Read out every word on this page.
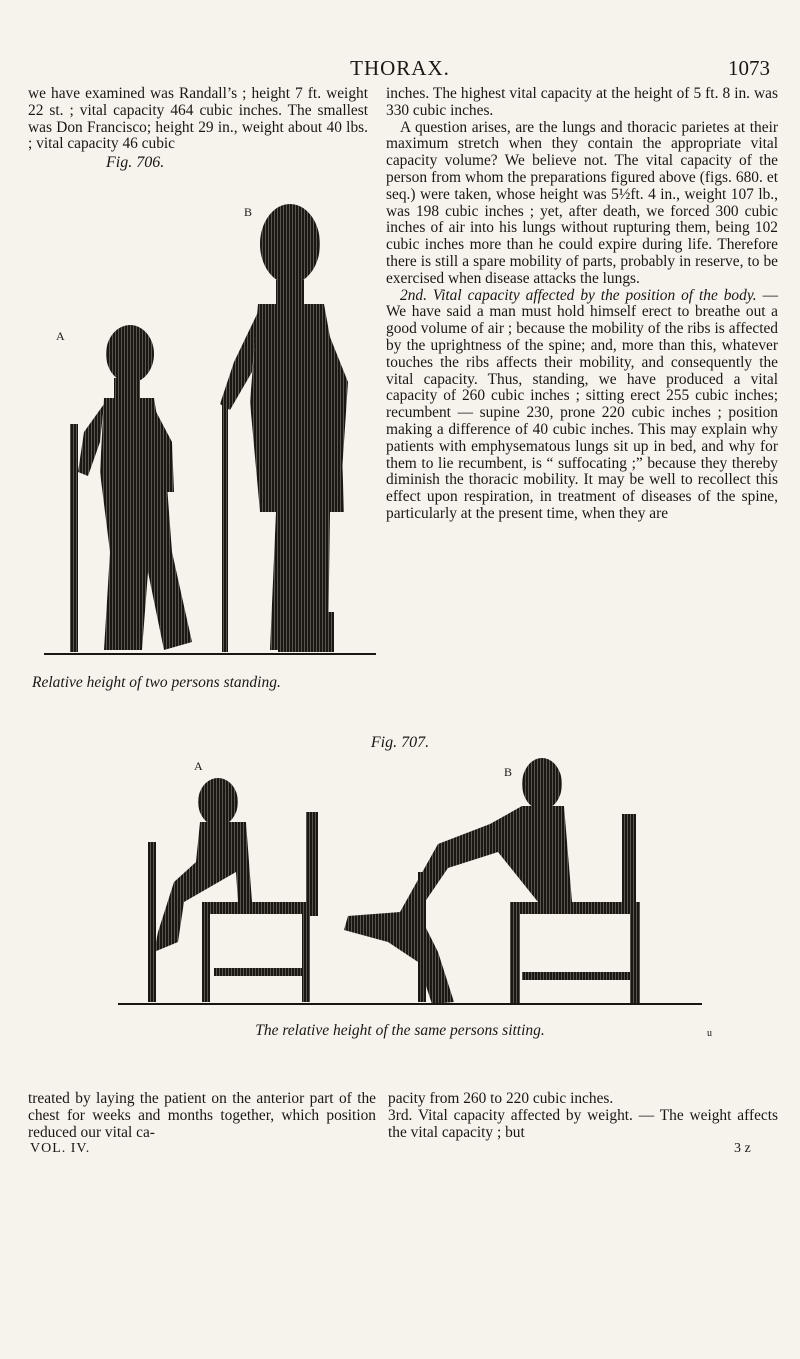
THORAX.	1073

we have examined was Randall’s ; height 7 ft. weight 22 st. ; vital capacity 464 cubic inches. The smallest was Don Francisco; height 29 in., weight about 40 lbs. ; vital capacity 46 cubic

Fig. 706.
A
B
Relative height of two persons standing.

inches. The highest vital capacity at the height of 5 ft. 8 in. was 330 cubic inches.

A question arises, are the lungs and thoracic parietes at their maximum stretch when they contain the appropriate vital capacity volume? We believe not. The vital capacity of the person from whom the preparations figured above (figs. 680. et seq.) were taken, whose height was 5½ft. 4 in., weight 107 lb., was 198 cubic inches ; yet, after death, we forced 300 cubic inches of air into his lungs without rupturing them, being 102 cubic inches more than he could expire during life. Therefore there is still a spare mobility of parts, probably in reserve, to be exercised when disease attacks the lungs.

2nd. Vital capacity affected by the position of the body. — We have said a man must hold himself erect to breathe out a good volume of air ; because the mobility of the ribs is affected by the uprightness of the spine; and, more than this, whatever touches the ribs affects their mobility, and consequently the vital capacity. Thus, standing, we have produced a vital capacity of 260 cubic inches ; sitting erect 255 cubic inches; recumbent — supine 230, prone 220 cubic inches ; position making a difference of 40 cubic inches. This may explain why patients with emphysematous lungs sit up in bed, and why for them to lie recumbent, is “ suffocating ;” because they thereby diminish the thoracic mobility. It may be well to recollect this effect upon respiration, in treatment of diseases of the spine, particularly at the present time, when they are

Fig. 707.
A	B
The relative height of the same persons sitting.	u

treated by laying the patient on the anterior part of the chest for weeks and months together, which position reduced our vital ca-

pacity from 260 to 220 cubic inches.

3rd. Vital capacity affected by weight. — The weight affects the vital capacity ; but

VOL. IV.	3 z
